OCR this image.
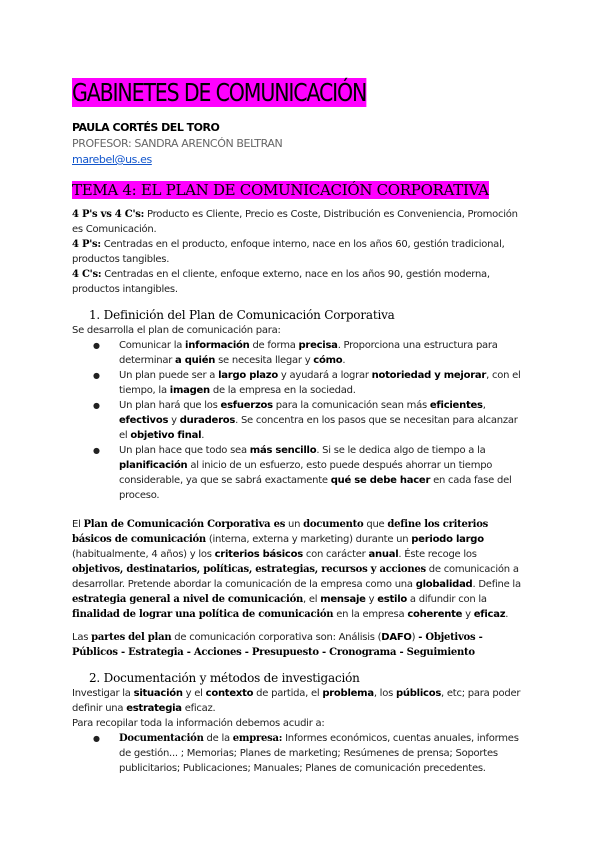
GABINETES DE COMUNICACIÓN
PAULA CORTÉS DEL TORO
PROFESOR: SANDRA ARENCÓN BELTRAN
marebel@us.es
TEMA 4: EL PLAN DE COMUNICACIÓN CORPORATIVA

4 P's vs 4 C's: Producto es Cliente, Precio es Coste, Distribución es Conveniencia, Promoción es Comunicación.

4 P's: Centradas en el producto, enfoque interno, nace en los años 60, gestión tradicional, productos tangibles.

4 C's: Centradas en el cliente, enfoque externo, nace en los años 90, gestión moderna, productos intangibles.

1. Definición del Plan de Comunicación Corporativa

Se desarrolla el plan de comunicación para:

● Comunicar la información de forma precisa. Proporciona una estructura para determinar a quién se necesita llegar y cómo.
● Un plan puede ser a largo plazo y ayudará a lograr notoriedad y mejorar, con el tiempo, la imagen de la empresa en la sociedad.
● Un plan hará que los esfuerzos para la comunicación sean más eficientes, efectivos y duraderos. Se concentra en los pasos que se necesitan para alcanzar el objetivo final.
● Un plan hace que todo sea más sencillo. Si se le dedica algo de tiempo a la planificación al inicio de un esfuerzo, esto puede después ahorrar un tiempo considerable, ya que se sabrá exactamente qué se debe hacer en cada fase del proceso.

El Plan de Comunicación Corporativa es un documento que define los criterios básicos de comunicación (interna, externa y marketing) durante un periodo largo (habitualmente, 4 años) y los criterios básicos con carácter anual. Éste recoge los objetivos, destinatarios, políticas, estrategias, recursos y acciones de comunicación a desarrollar. Pretende abordar la comunicación de la empresa como una globalidad. Define la estrategia general a nivel de comunicación, el mensaje y estilo a difundir con la finalidad de lograr una política de comunicación en la empresa coherente y eficaz.

Las partes del plan de comunicación corporativa son: Análisis (DAFO) - Objetivos - Públicos - Estrategia - Acciones - Presupuesto - Cronograma - Seguimiento

2. Documentación y métodos de investigación

Investigar la situación y el contexto de partida, el problema, los públicos, etc; para poder definir una estrategia eficaz.

Para recopilar toda la información debemos acudir a:

● Documentación de la empresa: Informes económicos, cuentas anuales, informes de gestión... ; Memorias; Planes de marketing; Resúmenes de prensa; Soportes publicitarios; Publicaciones; Manuales; Planes de comunicación precedentes.
